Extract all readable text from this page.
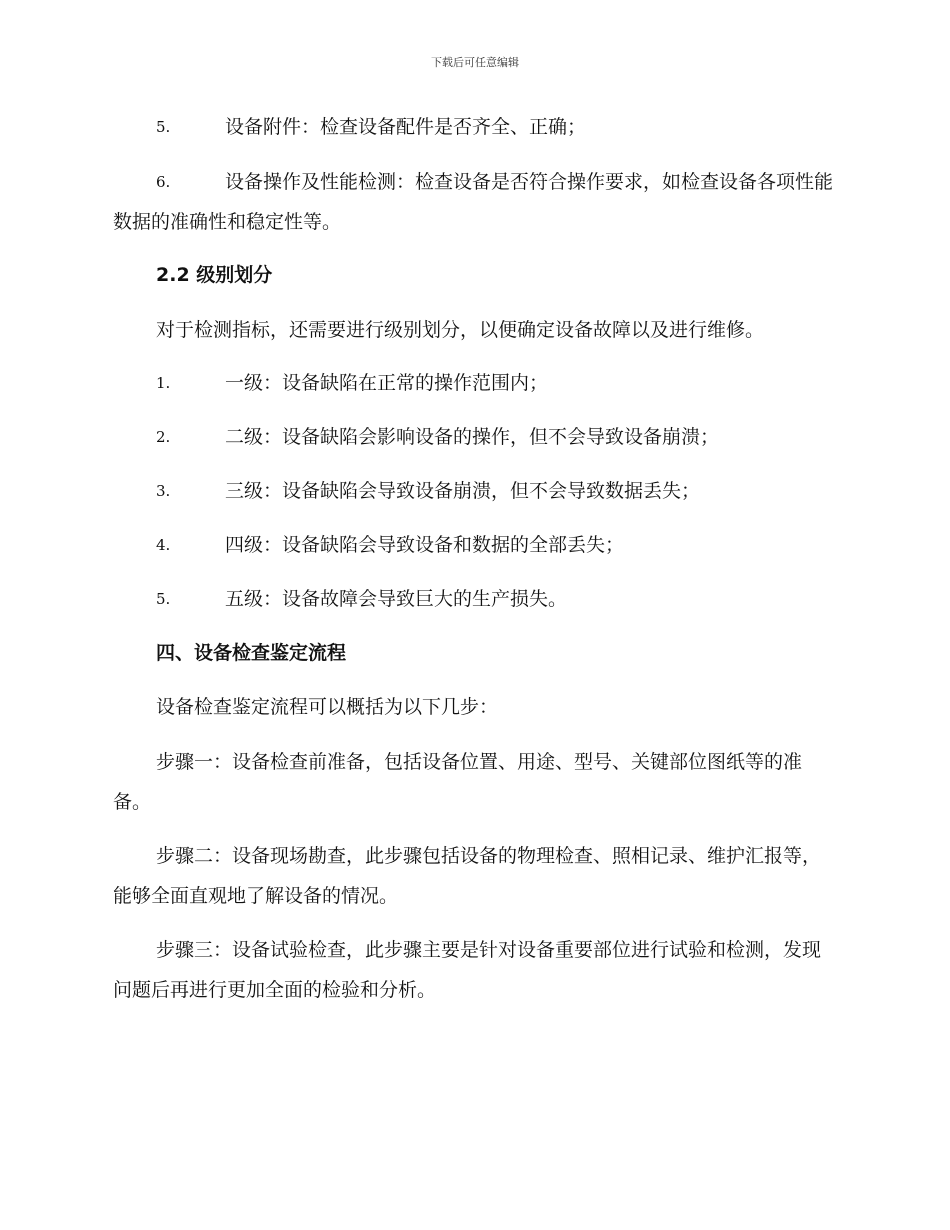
下载后可任意编辑
5.	设备附件：检查设备配件是否齐全、正确；
6.	设备操作及性能检测：检查设备是否符合操作要求，如检查设备各项性能数据的准确性和稳定性等。
2.2 级别划分
对于检测指标，还需要进行级别划分，以便确定设备故障以及进行维修。
1.	一级：设备缺陷在正常的操作范围内；
2.	二级：设备缺陷会影响设备的操作，但不会导致设备崩溃；
3.	三级：设备缺陷会导致设备崩溃，但不会导致数据丢失；
4.	四级：设备缺陷会导致设备和数据的全部丢失；
5.	五级：设备故障会导致巨大的生产损失。
四、设备检查鉴定流程
设备检查鉴定流程可以概括为以下几步：
步骤一：设备检查前准备，包括设备位置、用途、型号、关键部位图纸等的准备。
步骤二：设备现场勘查，此步骤包括设备的物理检查、照相记录、维护汇报等，能够全面直观地了解设备的情况。
步骤三：设备试验检查，此步骤主要是针对设备重要部位进行试验和检测，发现问题后再进行更加全面的检验和分析。
